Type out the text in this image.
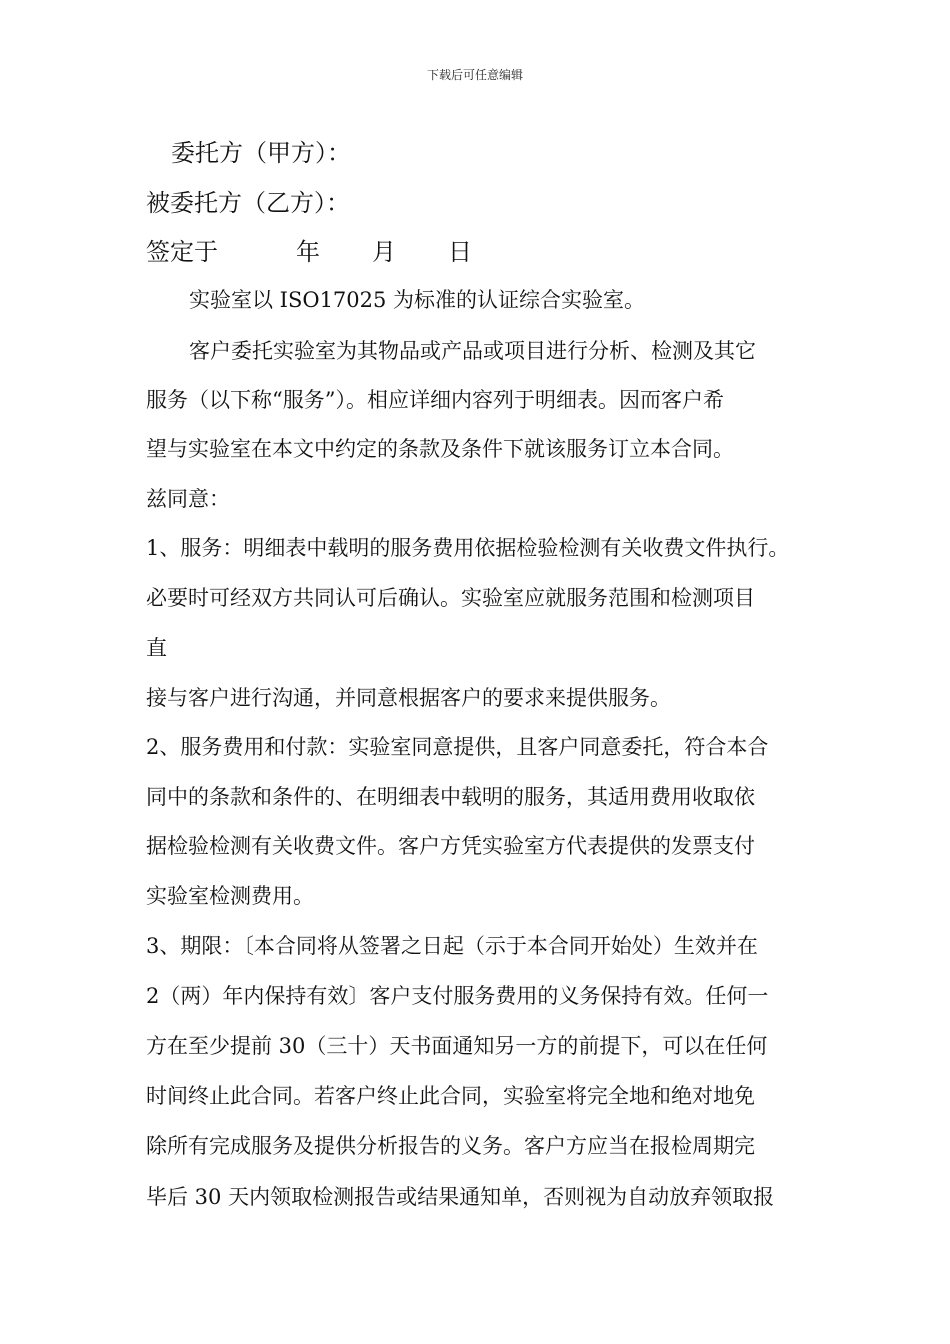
下载后可任意编辑
委托方（甲方）：
被委托方（乙方）：
签定于	年 月 日
实验室以 ISO17025 为标准的认证综合实验室。
客户委托实验室为其物品或产品或项目进行分析、检测及其它
服务（以下称“服务”）。相应详细内容列于明细表。因而客户希
望与实验室在本文中约定的条款及条件下就该服务订立本合同。
兹同意：
1、服务：明细表中载明的服务费用依据检验检测有关收费文件执行。
必要时可经双方共同认可后确认。实验室应就服务范围和检测项目
直
接与客户进行沟通，并同意根据客户的要求来提供服务。
2、服务费用和付款：实验室同意提供，且客户同意委托，符合本合
同中的条款和条件的、在明细表中载明的服务，其适用费用收取依
据检验检测有关收费文件。客户方凭实验室方代表提供的发票支付
实验室检测费用。
3、期限：〔本合同将从签署之日起（示于本合同开始处）生效并在
2（两）年内保持有效〕客户支付服务费用的义务保持有效。任何一
方在至少提前 30（三十）天书面通知另一方的前提下，可以在任何
时间终止此合同。若客户终止此合同，实验室将完全地和绝对地免
除所有完成服务及提供分析报告的义务。客户方应当在报检周期完
毕后 30 天内领取检测报告或结果通知单，否则视为自动放弃领取报
